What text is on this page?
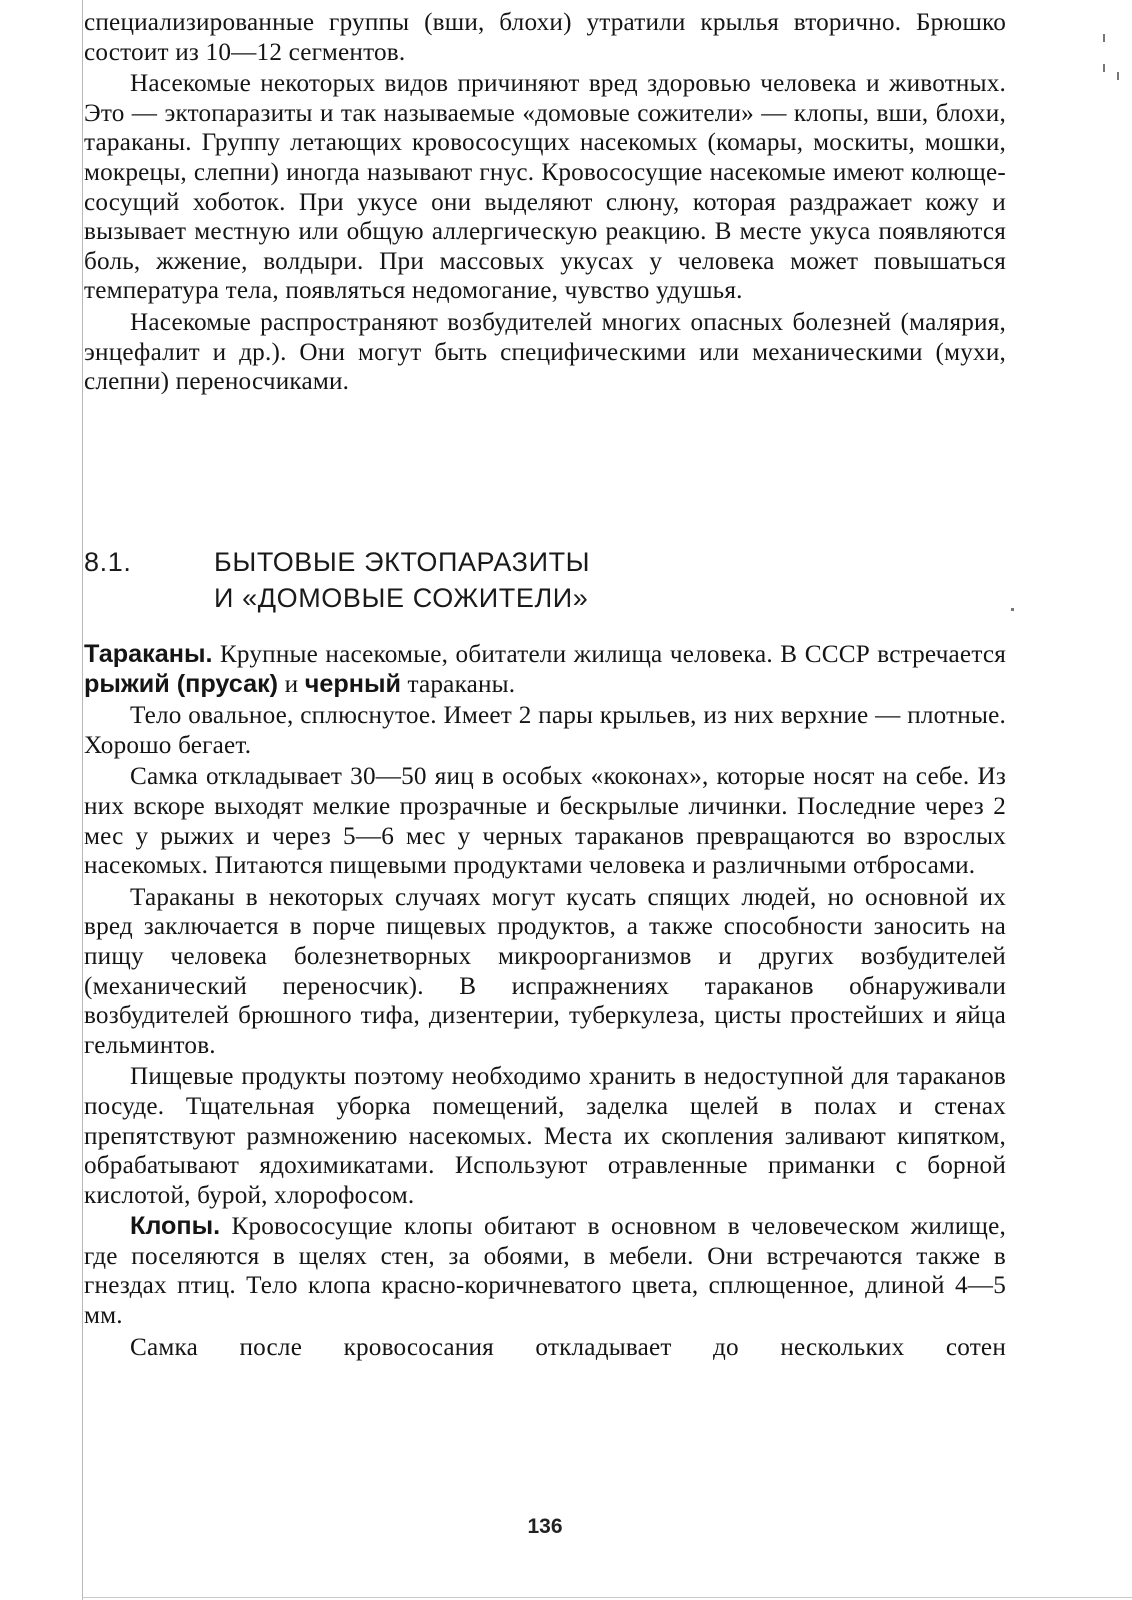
специализированные группы (вши, блохи) утратили крылья вторично. Брюшко состоит из 10—12 сегментов.

Насекомые некоторых видов причиняют вред здоровью человека и животных. Это — эктопаразиты и так называемые «домовые сожители» — клопы, вши, блохи, тараканы. Группу летающих кровососущих насекомых (комары, москиты, мошки, мокрецы, слепни) иногда называют гнус. Кровососущие насекомые имеют колюще-сосущий хоботок. При укусе они выделяют слюну, которая раздражает кожу и вызывает местную или общую аллергическую реакцию. В месте укуса появляются боль, жжение, волдыри. При массовых укусах у человека может повышаться температура тела, появляться недомогание, чувство удушья.

Насекомые распространяют возбудителей многих опасных болезней (малярия, энцефалит и др.). Они могут быть специфическими или механическими (мухи, слепни) переносчиками.

8.1.	БЫТОВЫЕ ЭКТОПАРАЗИТЫ
И «ДОМОВЫЕ СОЖИТЕЛИ»

Тараканы. Крупные насекомые, обитатели жилища человека. В СССР встречается рыжий (прусак) и черный тараканы.

Тело овальное, сплюснутое. Имеет 2 пары крыльев, из них верхние — плотные. Хорошо бегает.

Самка откладывает 30—50 яиц в особых «коконах», которые носят на себе. Из них вскоре выходят мелкие прозрачные и бескрылые личинки. Последние через 2 мес у рыжих и через 5—6 мес у черных тараканов превращаются во взрослых насекомых. Питаются пищевыми продуктами человека и различными отбросами.

Тараканы в некоторых случаях могут кусать спящих людей, но основной их вред заключается в порче пищевых продуктов, а также способности заносить на пищу человека болезнетворных микроорганизмов и других возбудителей (механический переносчик). В испражнениях тараканов обнаруживали возбудителей брюшного тифа, дизентерии, туберкулеза, цисты простейших и яйца гельминтов.

Пищевые продукты поэтому необходимо хранить в недоступной для тараканов посуде. Тщательная уборка помещений, заделка щелей в полах и стенах препятствуют размножению насекомых. Места их скопления заливают кипятком, обрабатывают ядохимикатами. Используют отравленные приманки с борной кислотой, бурой, хлорофосом.

Клопы. Кровососущие клопы обитают в основном в человеческом жилище, где поселяются в щелях стен, за обоями, в мебели. Они встречаются также в гнездах птиц. Тело клопа красно-коричневатого цвета, сплющенное, длиной 4—5 мм.

Самка после кровососания откладывает до нескольких сотен

136
